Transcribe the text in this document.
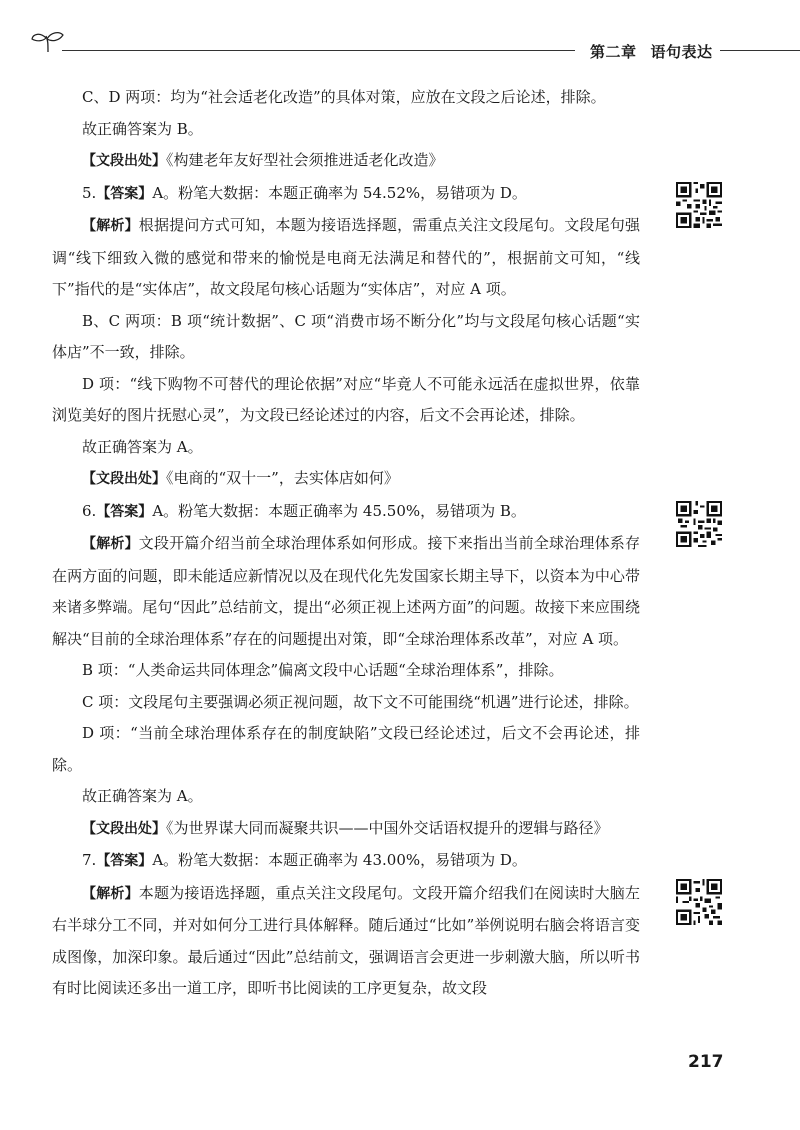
第二章 语句表达

C、D 两项：均为“社会适老化改造”的具体对策，应放在文段之后论述，排除。

故正确答案为 B。

【文段出处】《构建老年友好型社会须推进适老化改造》

5.【答案】A。粉笔大数据：本题正确率为 54.52%，易错项为 D。

【解析】根据提问方式可知，本题为接语选择题，需重点关注文段尾句。文段尾句强调“线下细致入微的感觉和带来的愉悦是电商无法满足和替代的”，根据前文可知，“线下”指代的是“实体店”，故文段尾句核心话题为“实体店”，对应 A 项。

B、C 两项：B 项“统计数据”、C 项“消费市场不断分化”均与文段尾句核心话题“实体店”不一致，排除。

D 项：“线下购物不可替代的理论依据”对应“毕竟人不可能永远活在虚拟世界，依靠浏览美好的图片抚慰心灵”，为文段已经论述过的内容，后文不会再论述，排除。

故正确答案为 A。

【文段出处】《电商的“双十一”，去实体店如何》

6.【答案】A。粉笔大数据：本题正确率为 45.50%，易错项为 B。

【解析】文段开篇介绍当前全球治理体系如何形成。接下来指出当前全球治理体系存在两方面的问题，即未能适应新情况以及在现代化先发国家长期主导下，以资本为中心带来诸多弊端。尾句“因此”总结前文，提出“必须正视上述两方面”的问题。故接下来应围绕解决“目前的全球治理体系”存在的问题提出对策，即“全球治理体系改革”，对应 A 项。

B 项：“人类命运共同体理念”偏离文段中心话题“全球治理体系”，排除。

C 项：文段尾句主要强调必须正视问题，故下文不可能围绕“机遇”进行论述，排除。

D 项：“当前全球治理体系存在的制度缺陷”文段已经论述过，后文不会再论述，排除。

故正确答案为 A。

【文段出处】《为世界谋大同而凝聚共识——中国外交话语权提升的逻辑与路径》

7.【答案】A。粉笔大数据：本题正确率为 43.00%，易错项为 D。

【解析】本题为接语选择题，重点关注文段尾句。文段开篇介绍我们在阅读时大脑左右半球分工不同，并对如何分工进行具体解释。随后通过“比如”举例说明右脑会将语言变成图像，加深印象。最后通过“因此”总结前文，强调语言会更进一步刺激大脑，所以听书有时比阅读还多出一道工序，即听书比阅读的工序更复杂，故文段

217
